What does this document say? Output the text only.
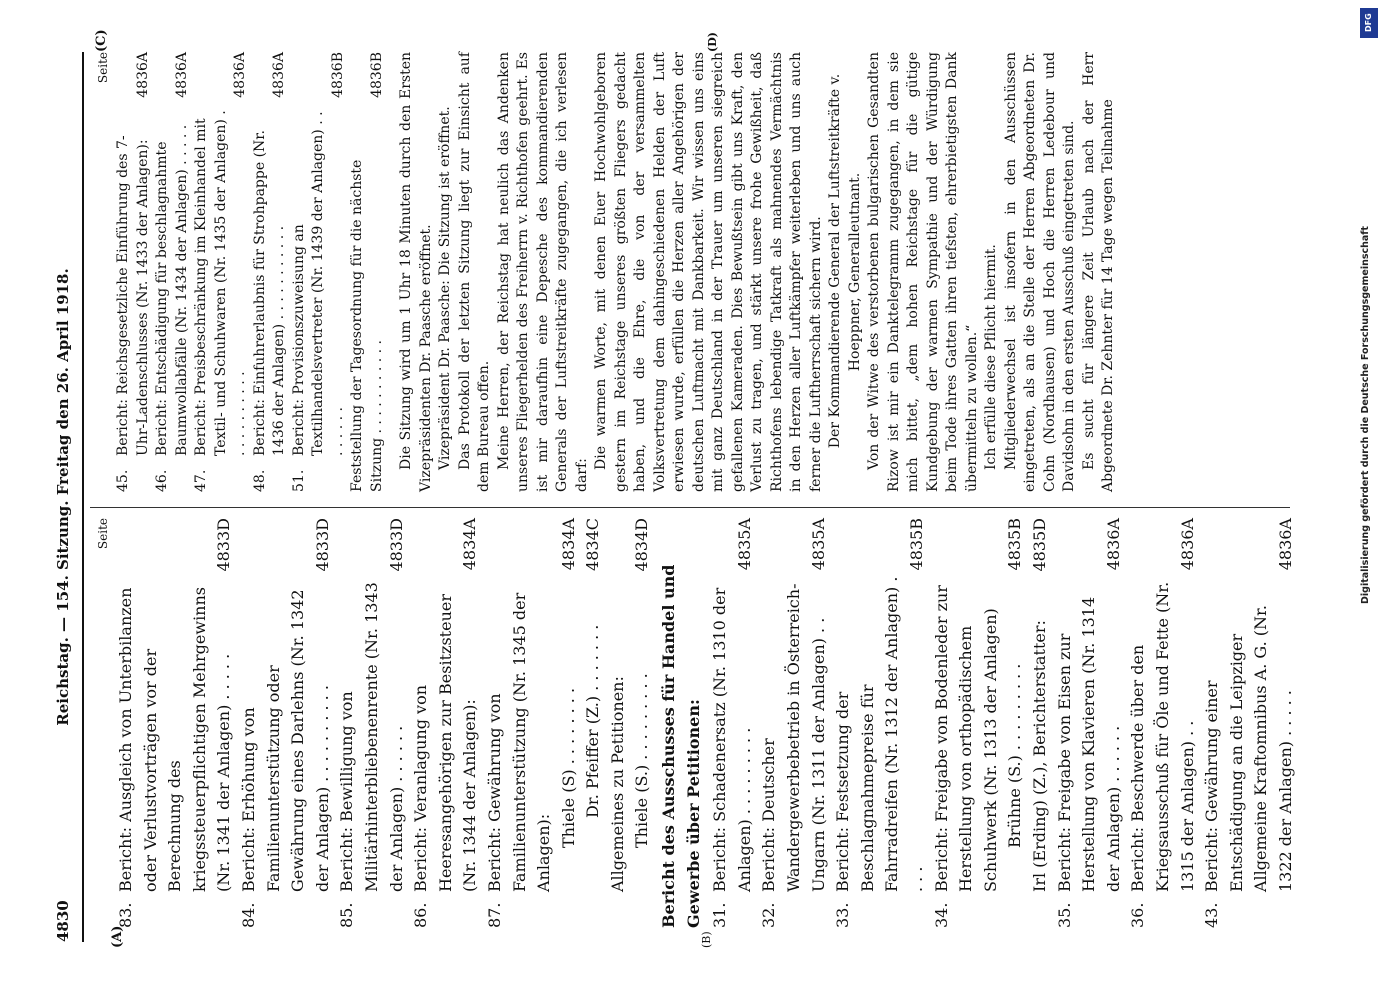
4830
Reichstag. — 154. Sitzung. Freitag den 26. April 1918.
(A)	(B)
(C)	(D)
Seite
83.
Bericht: Ausgleich von Unterbilanzen oder Verlustvorträgen vor der Berechnung des kriegssteuerpflichtigen Mehrgewinns (Nr. 1341 der Anlagen) . . . . .
4833D
84.
Bericht: Erhöhung von Familienunterstützung oder Gewährung eines Darlehns (Nr. 1342 der Anlagen) . . . . . . . . . .
4833D
85.
Bericht: Bewilligung von Militärhinterbliebenenrente (Nr. 1343 der Anlagen) . . . . . .
4833D
86.
Bericht: Veranlagung von Heeresangehörigen zur Besitzsteuer (Nr. 1344 der Anlagen):
4834A
87.
Bericht: Gewährung von Familienunterstützung (Nr. 1345 der Anlagen):
Thiele (S) . . . . . . . .
4834A
Dr. Pfeiffer (Z.) . . . . . . .
4834C
Allgemeines zu Petitionen: Thiele (S.) . . . . . . . . .
4834D
Bericht des Ausschusses für Handel und Gewerbe über Petitionen: 31.
Bericht: Schadenersatz (Nr. 1310 der Anlagen) . . . . . . . . .
4835A
32.
Bericht: Deutscher Wandergewerbebetrieb in Österreich-Ungarn (Nr. 1311 der Anlagen) . .
4835A
33.
Bericht: Festsetzung der Beschlagnahmepreise für Fahrradreifen (Nr. 1312 der Anlagen) . . . .
4835B
34.
Bericht: Freigabe von Bodenleder zur Herstellung von orthopädischem Schuhwerk (Nr. 1313 der Anlagen) Brühne (S.) . . . . . . . . .
4835B
Irl (Erding) (Z.), Berichterstatter:
4835D
35.
Bericht: Freigabe von Eisen zur Herstellung von Klavieren (Nr. 1314 der Anlagen) . . . . . .
4836A
36.
Bericht: Beschwerde über den Kriegsausschuß für Öle und Fette (Nr. 1315 der Anlagen) . .
4836A
43.
Bericht: Gewährung einer Entschädigung an die Leipziger Allgemeine Kraftomnibus A. G. (Nr. 1322 der Anlagen) . . . . .
4836A
Seite
45.
Bericht: Reichsgesetzliche Einführung des 7-Uhr-Ladenschlusses (Nr. 1433 der Anlagen):
4836A
46.
Bericht: Entschädigung für beschlagnahmte Baumwollabfälle (Nr. 1434 der Anlagen) . . . . .
4836A
47.
Bericht: Preisbeschränkung im Kleinhandel mit Textil- und Schuhwaren (Nr. 1435 der Anlagen) . . . . . . . . . . .
4836A
48.
Bericht: Einfuhrerlaubnis für Strohpappe (Nr. 1436 der Anlagen) . . . . . . . . . . .
4836A
51.
Bericht: Provisionszuweisung an Textilhandelsvertreter (Nr. 1439 der Anlagen) . . . . . . . .
4836B
Feststellung der Tagesordnung für die nächste Sitzung . . . . . . . . . . .
4836B Die Sitzung wird um 1 Uhr 18 Minuten durch den Ersten Vizepräsidenten Dr. Paasche eröffnet. Vizepräsident Dr. Paasche: Die Sitzung ist eröffnet. Das Protokoll der letzten Sitzung liegt zur Einsicht auf dem Bureau offen. Meine Herren, der Reichstag hat neulich das Andenken unseres Fliegerhelden des Freiherrn v. Richthofen geehrt. Es ist mir daraufhin eine Depesche des kommandierenden Generals der Luftstreitkräfte zugegangen, die ich verlesen darf:

Die warmen Worte, mit denen Euer Hochwohlgeboren gestern im Reichstage unseres größten Fliegers gedacht haben, und die Ehre, die von der versammelten Volksvertretung dem dahingeschiedenen Helden der Luft erwiesen wurde, erfüllen die Herzen aller Angehörigen der deutschen Luftmacht mit Dankbarkeit. Wir wissen uns eins mit ganz Deutschland in der Trauer um unseren siegreich gefallenen Kameraden. Dies Bewußtsein gibt uns Kraft, den Verlust zu tragen, und stärkt unsere frohe Gewißheit, daß Richthofens lebendige Tatkraft als mahnendes Vermächtnis in den Herzen aller Luftkämpfer weiterleben und uns auch ferner die Luftherrschaft sichern wird. Der Kommandierende General der Luftstreitkräfte v. Hoeppner, Generalleutnant. Von der Witwe des verstorbenen bulgarischen Gesandten Rizow ist mir ein Danktelegramm zugegangen, in dem sie mich bittet, „dem hohen Reichstage für die gütige Kundgebung der warmen Sympathie und der Würdigung beim Tode ihres Gatten ihren tiefsten, ehrerbietigsten Dank übermitteln zu wollen.“ Ich erfülle diese Pflicht hiermit. Mitgliederwechsel ist insofern in den Ausschüssen eingetreten, als an die Stelle der Herren Abgeordneten Dr. Cohn (Nordhausen) und Hoch die Herren Ledebour und Davidsohn in den ersten Ausschuß eingetreten sind. Es sucht für längere Zeit Urlaub nach der Herr Abgeordnete Dr. Zehnter für 14 Tage wegen Teilnahme

DFG
Digitalisierung gefördert durch die Deutsche Forschungsgemeinschaft
